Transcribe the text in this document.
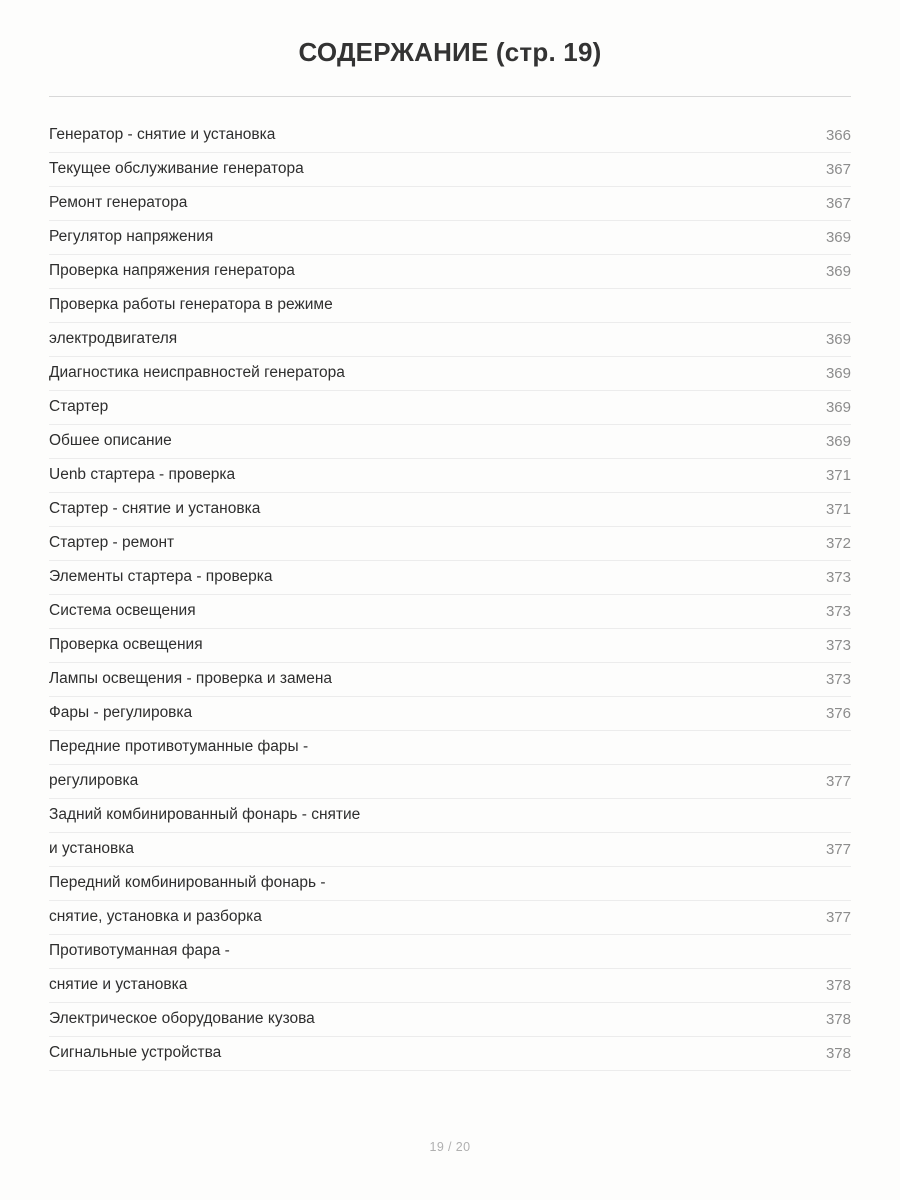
СОДЕРЖАНИЕ (стр. 19)
Генератор - снятие и установка	366
Текущее обслуживание генератора	367
Ремонт генератора	367
Регулятор напряжения	369
Проверка напряжения генератора	369
Проверка работы генератора в режиме
электродвигателя	369
Диагностика неисправностей генератора	369
Стартер	369
Обшее описание	369
Uenb стартера - проверка	371
Стартер - снятие и установка	371
Стартер - ремонт	372
Элементы стартера - проверка	373
Система освещения	373
Проверка освещения	373
Лампы освещения - проверка и замена	373
Фары - регулировка	376
Передние противотуманные фары -
регулировка	377
Задний комбинированный фонарь - снятие
и установка	377
Передний комбинированный фонарь -
снятие, установка и разборка	377
Противотуманная фара -
снятие и установка	378
Электрическое оборудование кузова	378
Сигнальные устройства	378
19 / 20
